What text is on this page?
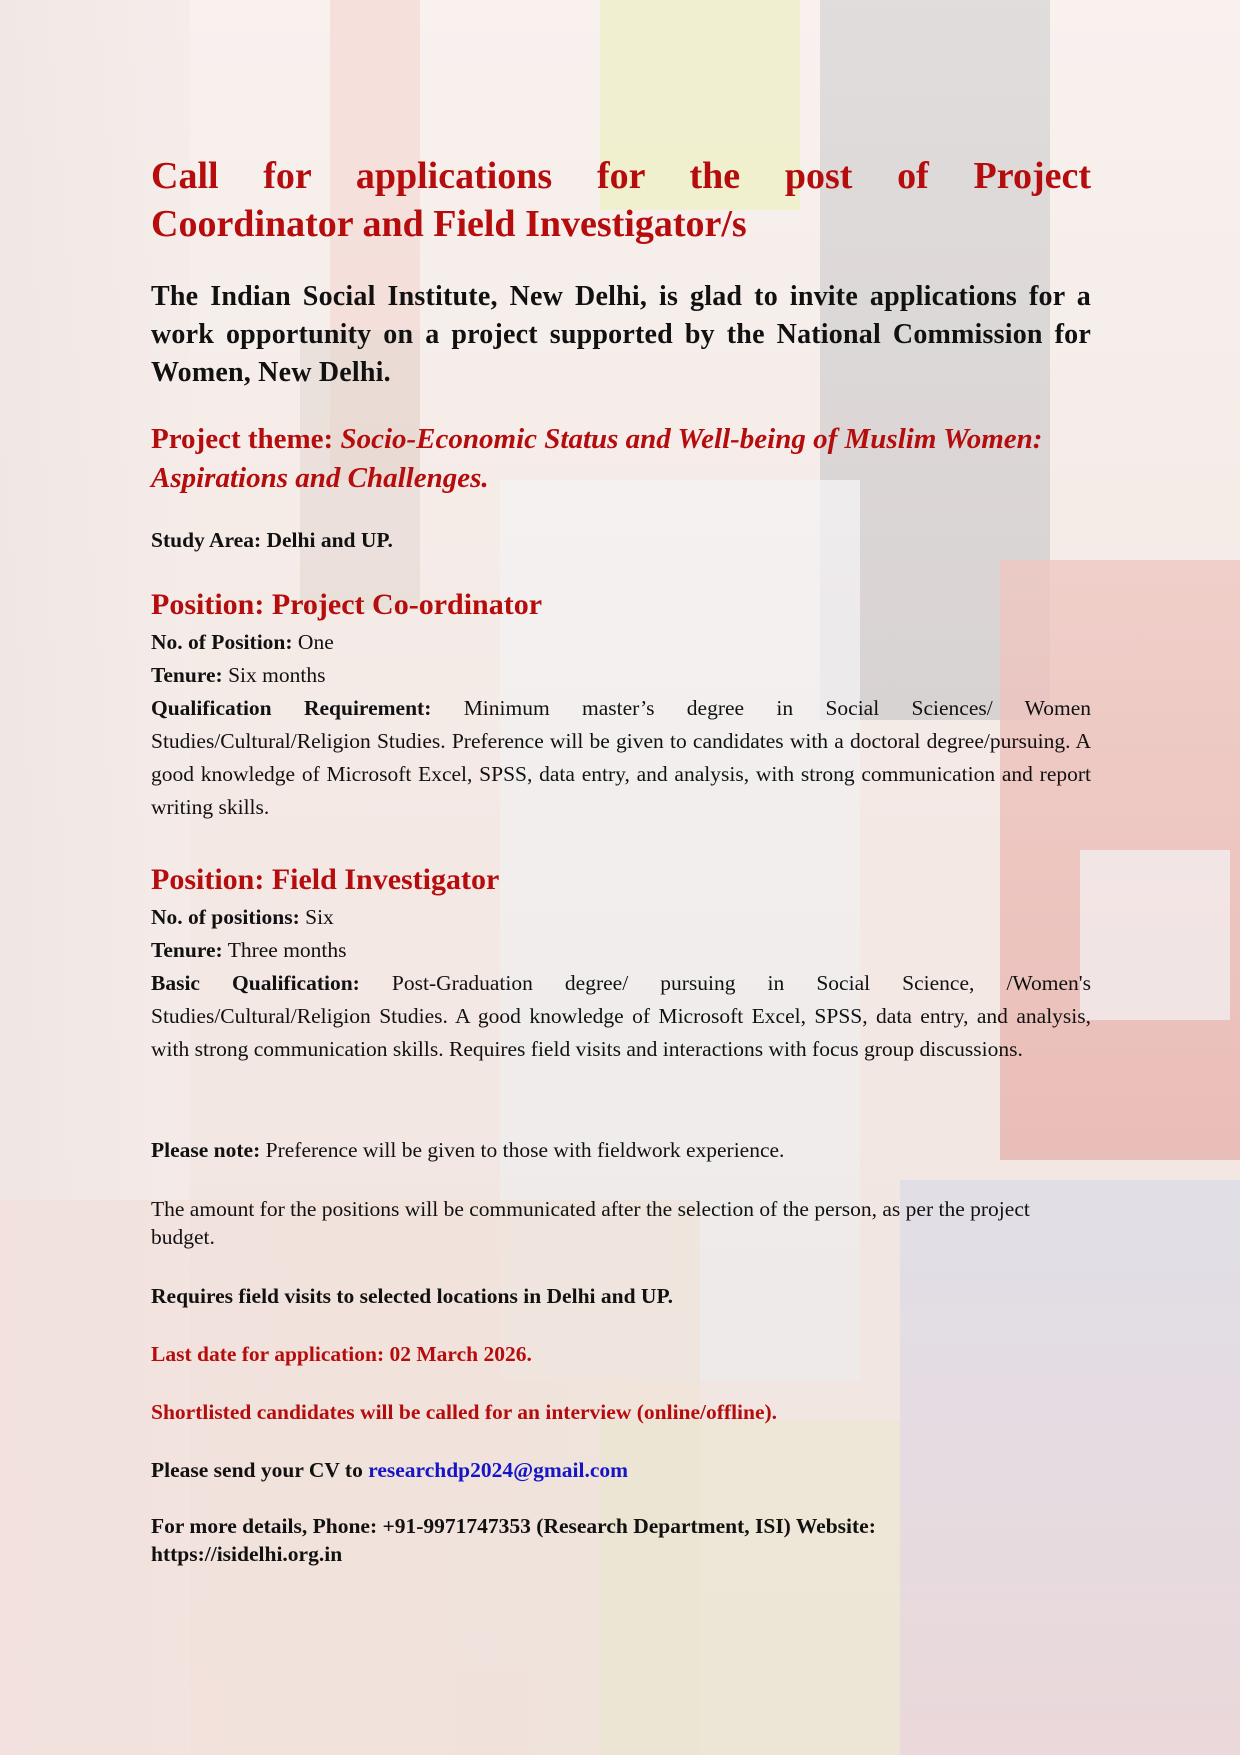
Call for applications for the post of Project
Coordinator and Field Investigator/s
The Indian Social Institute, New Delhi, is glad to invite applications for a work opportunity on a project supported by the National Commission for Women, New Delhi.
Project theme: Socio-Economic Status and Well-being of Muslim Women: Aspirations and Challenges.
Study Area: Delhi and UP.
Position: Project Co-ordinator
No. of Position: One
Tenure: Six months
Qualification Requirement: Minimum master’s degree in Social Sciences/ Women Studies/Cultural/Religion Studies. Preference will be given to candidates with a doctoral degree/pursuing. A good knowledge of Microsoft Excel, SPSS, data entry, and analysis, with strong communication and report writing skills.
Position: Field Investigator
No. of positions: Six
Tenure: Three months
Basic Qualification: Post-Graduation degree/ pursuing in Social Science, /Women's Studies/Cultural/Religion Studies. A good knowledge of Microsoft Excel, SPSS, data entry, and analysis, with strong communication skills. Requires field visits and interactions with focus group discussions.
Please note: Preference will be given to those with fieldwork experience.
The amount for the positions will be communicated after the selection of the person, as per the project budget.
Requires field visits to selected locations in Delhi and UP.
Last date for application: 02 March 2026.
Shortlisted candidates will be called for an interview (online/offline).
Please send your CV to researchdp2024@gmail.com
For more details, Phone: +91-9971747353 (Research Department, ISI) Website:
https://isidelhi.org.in
